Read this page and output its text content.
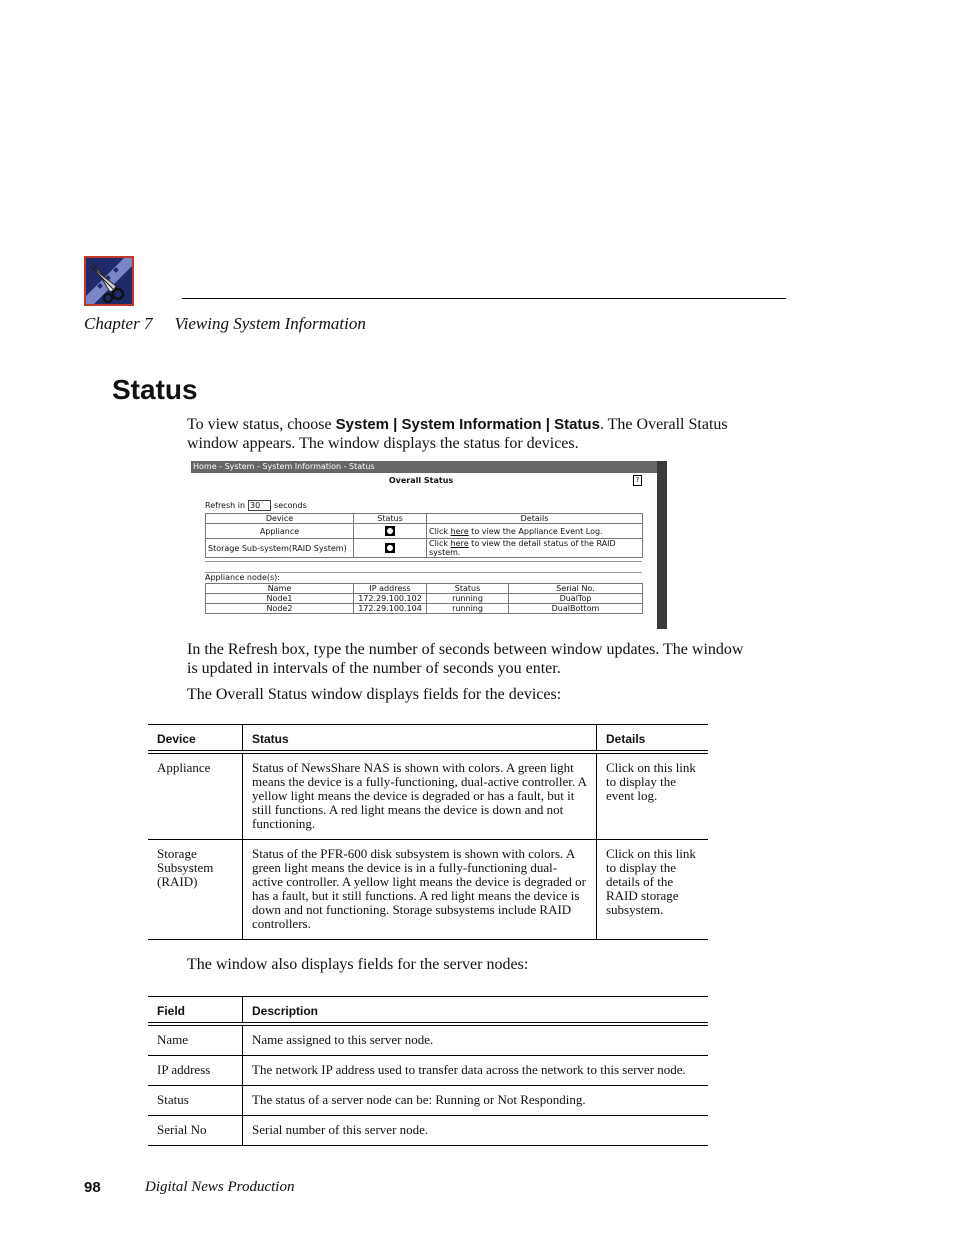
Chapter 7 Viewing System Information
Status
To view status, choose System | System Information | Status. The Overall Status window appears. The window displays the status for devices.
Home - System - System Information - Status
Overall Status	?
Refresh in 30 seconds
Device	Status	Details
Appliance		Click here to view the Appliance Event Log.
Storage Sub-system(RAID System)		Click here to view the detail status of the RAID system.
Appliance node(s):
Name	IP address	Status	Serial No.
Node1	172.29.100.102	running	DualTop
Node2	172.29.100.104	running	DualBottom
In the Refresh box, type the number of seconds between window updates. The window is updated in intervals of the number of seconds you enter.
The Overall Status window displays fields for the devices:
Device	Status	Details
Appliance	Status of NewsShare NAS is shown with colors. A green light means the device is a fully-functioning, dual-active controller. A yellow light means the device is degraded or has a fault, but it still functions. A red light means the device is down and not functioning.	Click on this link to display the event log.
Storage Subsystem (RAID)	Status of the PFR-600 disk subsystem is shown with colors. A green light means the device is in a fully-functioning dual-active controller. A yellow light means the device is degraded or has a fault, but it still functions. A red light means the device is down and not functioning. Storage subsystems include RAID controllers.	Click on this link to display the details of the RAID storage subsystem.
The window also displays fields for the server nodes:
Field	Description
Name	Name assigned to this server node.
IP address	The network IP address used to transfer data across the network to this server node.
Status	The status of a server node can be: Running or Not Responding.
Serial No	Serial number of this server node.
98	Digital News Production
